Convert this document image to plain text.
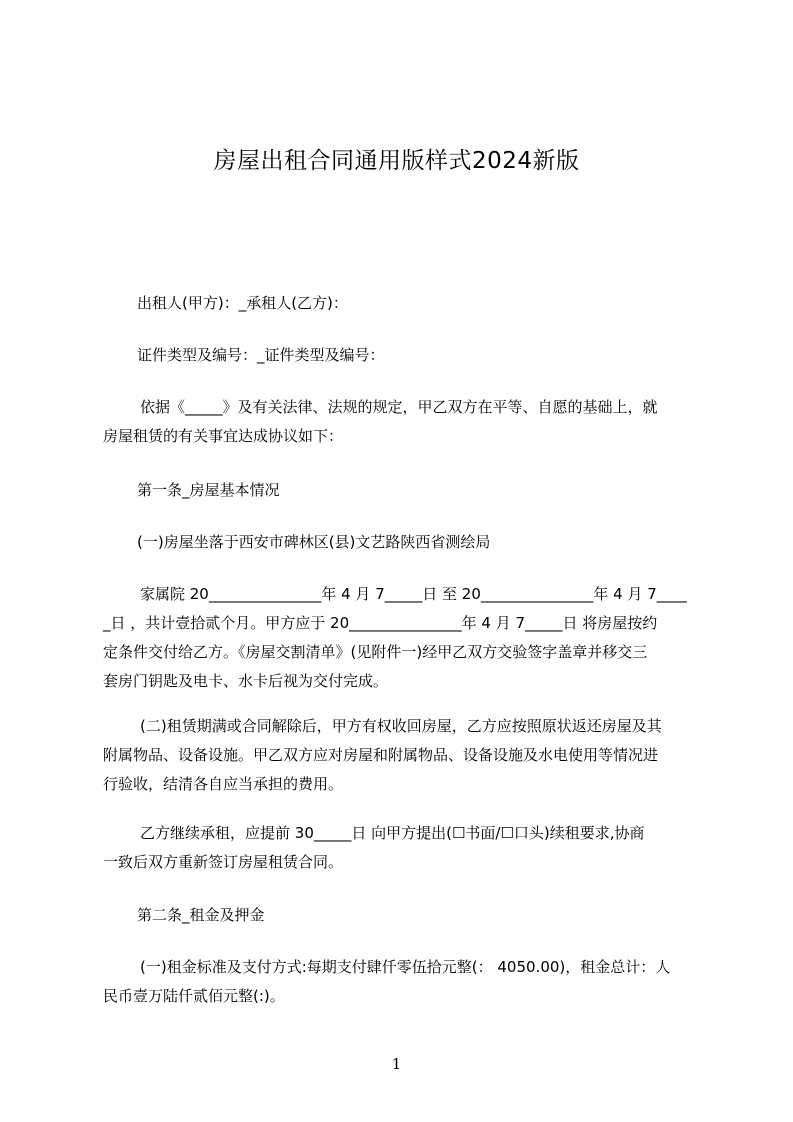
房屋出租合同通用版样式2024新版
出租人(甲方)：_承租人(乙方)：
证件类型及编号：_证件类型及编号：
依据《_____》及有关法律、法规的规定，甲乙双方在平等、自愿的基础上，就
房屋租赁的有关事宜达成协议如下：
第一条_房屋基本情况
(一)房屋坐落于西安市碑林区(县)文艺路陕西省测绘局
家属院 20_______________年 4 月 7_____日 至 20_______________年 4 月 7____
_日 ，共计壹拾贰个月。甲方应于 20_______________年 4 月 7_____日 将房屋按约
定条件交付给乙方。《房屋交割清单》(见附件一)经甲乙双方交验签字盖章并移交三
套房门钥匙及电卡、水卡后视为交付完成。
(二)租赁期满或合同解除后，甲方有权收回房屋，乙方应按照原状返还房屋及其
附属物品、设备设施。甲乙双方应对房屋和附属物品、设备设施及水电使用等情况进
行验收，结清各自应当承担的费用。
乙方继续承租，应提前 30_____日 向甲方提出(☐书面/☐口头)续租要求,协商
一致后双方重新签订房屋租赁合同。
第二条_租金及押金
(一)租金标准及支付方式:每期支付肆仟零伍拾元整(： 4050.00)，租金总计：人
民币壹万陆仟贰佰元整(:)。
1
